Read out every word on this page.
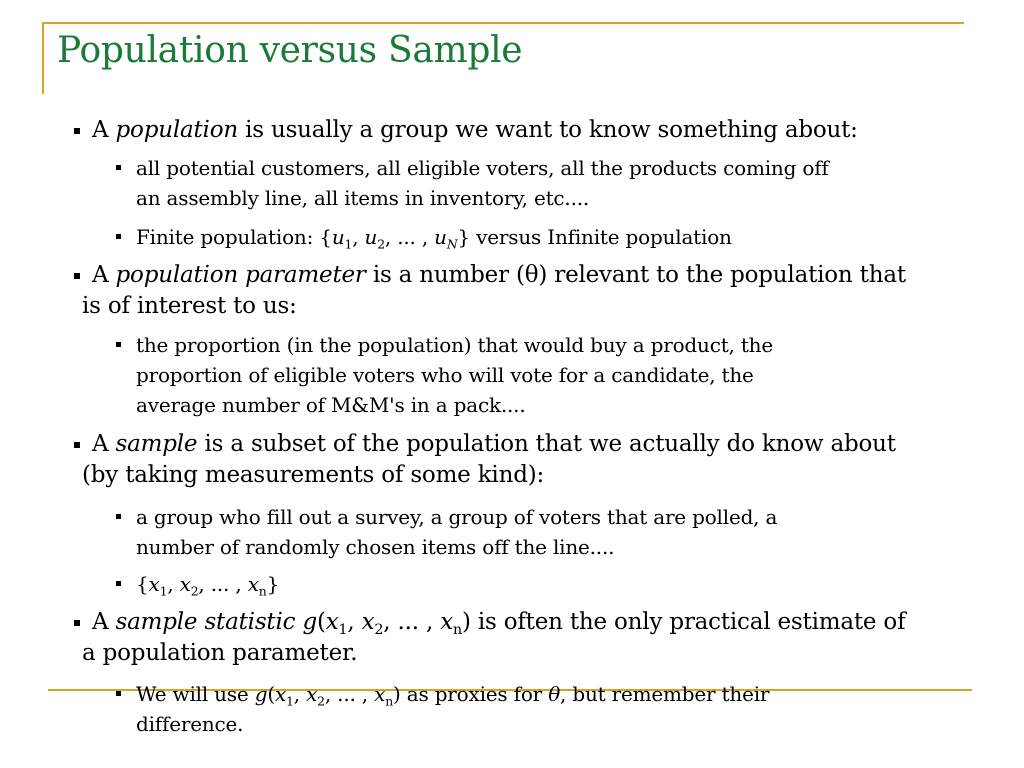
Population versus Sample
A population is usually a group we want to know something about:
all potential customers, all eligible voters, all the products coming off
an assembly line, all items in inventory, etc....
Finite population: {$u_1$, $u_2$, ... , $u_N$} versus Infinite population
A population parameter is a number (θ) relevant to the population that
is of interest to us:
the proportion (in the population) that would buy a product, the
proportion of eligible voters who will vote for a candidate, the
average number of M&M's in a pack....
A sample is a subset of the population that we actually do know about
(by taking measurements of some kind):
a group who fill out a survey, a group of voters that are polled, a
number of randomly chosen items off the line....
{$x_1$, $x_2$, ... , $x_n$}
A sample statistic $g(x_1$, $x_2$, ... , $x_n$) is often the only practical estimate of
a population parameter.
We will use $g(x_1$, $x_2$, ... , $x_n$) as proxies for θ, but remember their
difference.
